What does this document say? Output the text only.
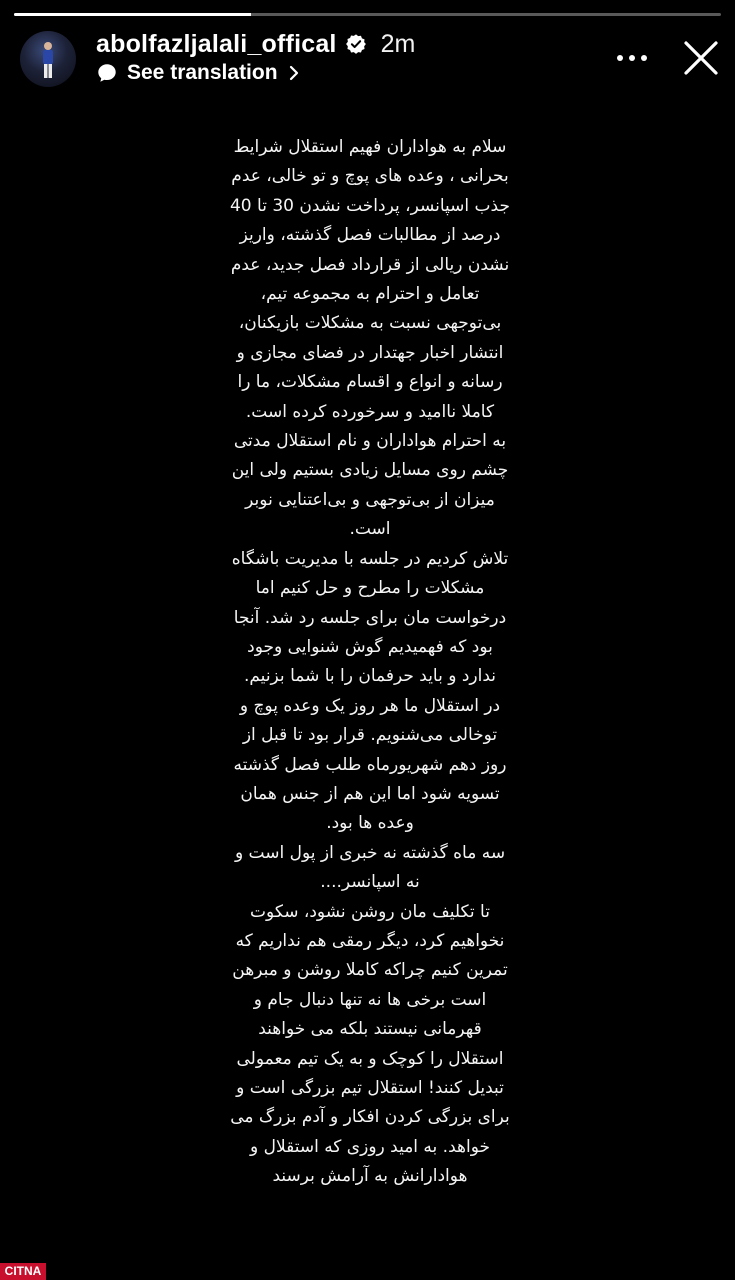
abolfazljalali_offical 2m
See translation

سلام به هواداران فهیم استقلال شرایط بحرانی ، وعده های پوچ و تو خالی، عدم جذب اسپانسر، پرداخت نشدن 30 تا 40 درصد از مطالبات فصل گذشته، واریز نشدن ریالی از قرارداد فصل جدید، عدم تعامل و احترام به مجموعه تیم، بی‌توجهی نسبت به مشکلات بازیکنان، انتشار اخبار جهتدار در فضای مجازی و رسانه و انواع و اقسام مشکلات، ما را کاملا ناامید و سرخورده کرده است.

به احترام هواداران و نام استقلال مدتی چشم روی مسایل زیادی بستیم ولی این میزان از بی‌توجهی و بی‌اعتنایی نوبر است.

تلاش کردیم در جلسه با مدیریت باشگاه مشکلات را مطرح و حل کنیم اما درخواست مان برای جلسه رد شد. آنجا بود که فهمیدیم گوش شنوایی وجود ندارد و باید حرفمان را با شما بزنیم.

در استقلال ما هر روز یک وعده پوچ و توخالی می‌شنویم. قرار بود تا قبل از روز دهم شهریورماه طلب فصل گذشته تسویه شود اما این هم از جنس همان وعده ها بود.

سه ماه گذشته نه خبری از پول است و نه اسپانسر....

تا تکلیف مان روشن نشود، سکوت نخواهیم کرد، دیگر رمقی هم نداریم که تمرین کنیم چراکه کاملا روشن و مبرهن است برخی ها نه تنها دنبال جام و قهرمانی نیستند بلکه می خواهند استقلال را کوچک و به یک تیم معمولی تبدیل کنند! استقلال تیم بزرگی است و برای بزرگی کردن افکار و آدم بزرگ می خواهد. به امید روزی که استقلال و هوادارانش به آرامش برسند

CITNA
